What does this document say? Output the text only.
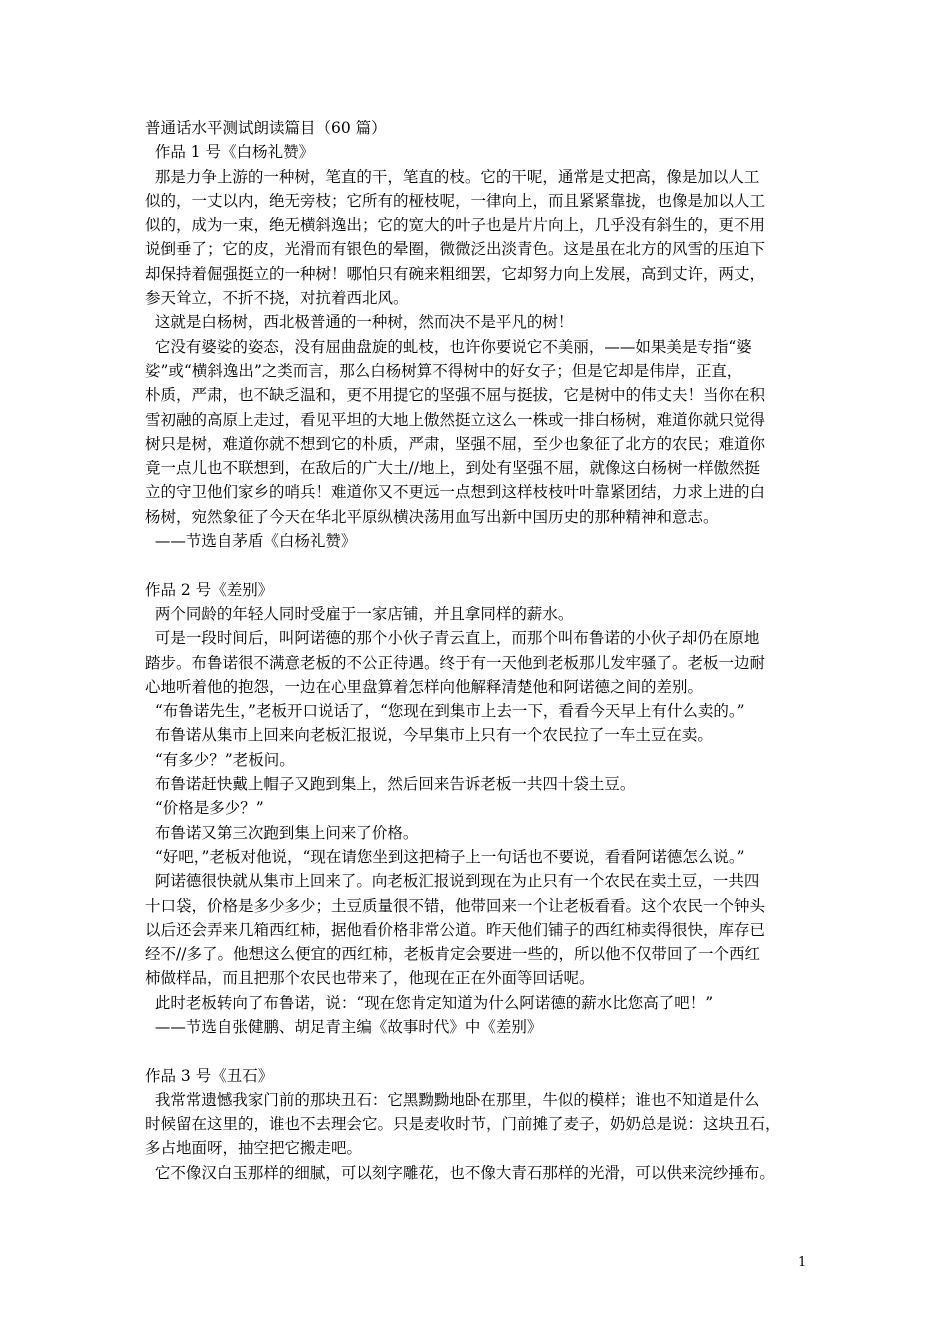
普通话水平测试朗读篇目（60 篇）
作品 1 号《白杨礼赞》
那是力争上游的一种树，笔直的干，笔直的枝。它的干呢，通常是丈把高，像是加以人工
似的，一丈以内，绝无旁枝；它所有的桠枝呢，一律向上，而且紧紧靠拢，也像是加以人工
似的，成为一束，绝无横斜逸出；它的宽大的叶子也是片片向上，几乎没有斜生的，更不用
说倒垂了；它的皮，光滑而有银色的晕圈，微微泛出淡青色。这是虽在北方的风雪的压迫下
却保持着倔强挺立的一种树！哪怕只有碗来粗细罢，它却努力向上发展，高到丈许，两丈，
参天耸立，不折不挠，对抗着西北风。
这就是白杨树，西北极普通的一种树，然而决不是平凡的树！
它没有婆娑的姿态，没有屈曲盘旋的虬枝，也许你要说它不美丽，——如果美是专指“婆
娑”或“横斜逸出”之类而言，那么白杨树算不得树中的好女子；但是它却是伟岸，正直，
朴质，严肃，也不缺乏温和，更不用提它的坚强不屈与挺拔，它是树中的伟丈夫！当你在积
雪初融的高原上走过，看见平坦的大地上傲然挺立这么一株或一排白杨树，难道你就只觉得
树只是树，难道你就不想到它的朴质，严肃，坚强不屈，至少也象征了北方的农民；难道你
竟一点儿也不联想到，在敌后的广大土//地上，到处有坚强不屈，就像这白杨树一样傲然挺
立的守卫他们家乡的哨兵！难道你又不更远一点想到这样枝枝叶叶靠紧团结，力求上进的白
杨树，宛然象征了今天在华北平原纵横决荡用血写出新中国历史的那种精神和意志。
——节选自茅盾《白杨礼赞》
作品 2 号《差别》
两个同龄的年轻人同时受雇于一家店铺，并且拿同样的薪水。
可是一段时间后，叫阿诺德的那个小伙子青云直上，而那个叫布鲁诺的小伙子却仍在原地
踏步。布鲁诺很不满意老板的不公正待遇。终于有一天他到老板那儿发牢骚了。老板一边耐
心地听着他的抱怨，一边在心里盘算着怎样向他解释清楚他和阿诺德之间的差别。
“布鲁诺先生，”老板开口说话了，“您现在到集市上去一下，看看今天早上有什么卖的。”
布鲁诺从集市上回来向老板汇报说，今早集市上只有一个农民拉了一车土豆在卖。
“有多少？”老板问。
布鲁诺赶快戴上帽子又跑到集上，然后回来告诉老板一共四十袋土豆。
“价格是多少？”
布鲁诺又第三次跑到集上问来了价格。
“好吧，”老板对他说，“现在请您坐到这把椅子上一句话也不要说，看看阿诺德怎么说。”
阿诺德很快就从集市上回来了。向老板汇报说到现在为止只有一个农民在卖土豆，一共四
十口袋，价格是多少多少；土豆质量很不错，他带回来一个让老板看看。这个农民一个钟头
以后还会弄来几箱西红柿，据他看价格非常公道。昨天他们铺子的西红柿卖得很快，库存已
经不//多了。他想这么便宜的西红柿，老板肯定会要进一些的，所以他不仅带回了一个西红
柿做样品，而且把那个农民也带来了，他现在正在外面等回话呢。
此时老板转向了布鲁诺，说：“现在您肯定知道为什么阿诺德的薪水比您高了吧！”
——节选自张健鹏、胡足青主编《故事时代》中《差别》
作品 3 号《丑石》
我常常遗憾我家门前的那块丑石：它黑黝黝地卧在那里，牛似的模样；谁也不知道是什么
时候留在这里的，谁也不去理会它。只是麦收时节，门前摊了麦子，奶奶总是说：这块丑石，
多占地面呀，抽空把它搬走吧。
它不像汉白玉那样的细腻，可以刻字雕花，也不像大青石那样的光滑，可以供来浣纱捶布。
1
